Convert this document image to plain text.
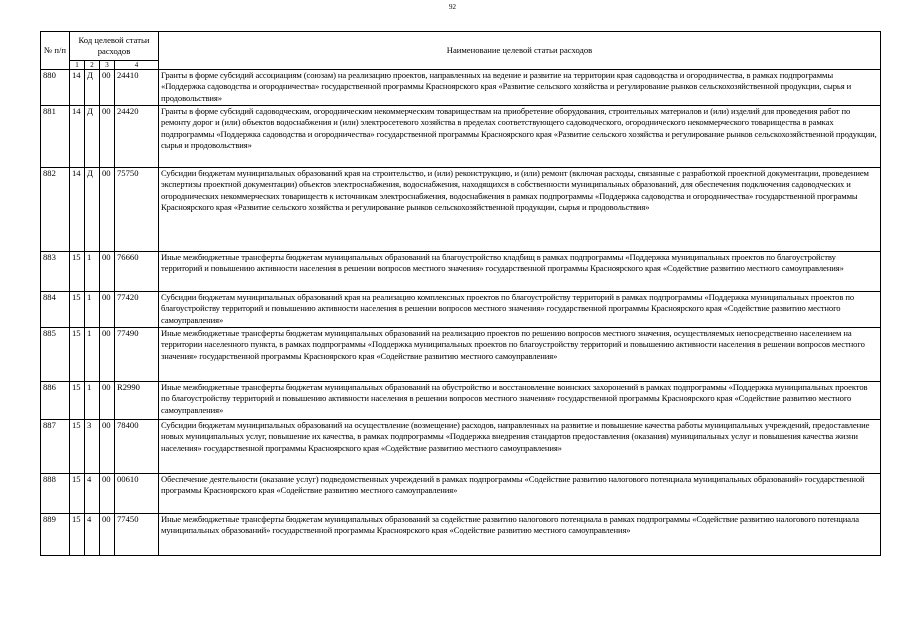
92
№ п/п	Код целевой статьи расходов				Наименование целевой статьи расходов
	1	2	3	4	
880	14	Д	00	24410	Гранты в форме субсидий ассоциациям (союзам) на реализацию проектов, направленных на ведение и развитие на территории края садоводства и огородничества, в рамках подпрограммы «Поддержка садоводства и огородничества» государственной программы Красноярского края «Развитие сельского хозяйства и регулирование рынков сельскохозяйственной продукции, сырья и продовольствия»
881	14	Д	00	24420	Гранты в форме субсидий садоводческим, огородническим некоммерческим товариществам на приобретение оборудования, строительных материалов и (или) изделий для проведения работ по ремонту дорог и (или) объектов водоснабжения и (или) электросетевого хозяйства в пределах соответствующего садоводческого, огороднического некоммерческого товарищества в рамках подпрограммы «Поддержка садоводства и огородничества» государственной программы Красноярского края «Развитие сельского хозяйства и регулирование рынков сельскохозяйственной продукции, сырья и продовольствия»
882	14	Д	00	75750	Субсидии бюджетам муниципальных образований края на строительство, и (или) реконструкцию, и (или) ремонт (включая расходы, связанные с разработкой проектной документации, проведением экспертизы проектной документации) объектов электроснабжения, водоснабжения, находящихся в собственности муниципальных образований, для обеспечения подключения садоводческих и огороднических некоммерческих товариществ к источникам электроснабжения, водоснабжения в рамках подпрограммы «Поддержка садоводства и огородничества» государственной программы Красноярского края «Развитие сельского хозяйства и регулирование рынков сельскохозяйственной продукции, сырья и продовольствия»
883	15	1	00	76660	Иные межбюджетные трансферты бюджетам муниципальных образований на благоустройство кладбищ в рамках подпрограммы «Поддержка муниципальных проектов по благоустройству территорий и повышению активности населения в решении вопросов местного значения» государственной программы Красноярского края «Содействие развитию местного самоуправления»
884	15	1	00	77420	Субсидии бюджетам муниципальных образований края на реализацию комплексных проектов по благоустройству территорий в рамках подпрограммы «Поддержка муниципальных проектов по благоустройству территорий и повышению активности населения в решении вопросов местного значения» государственной программы Красноярского края «Содействие развитию местного самоуправления»
885	15	1	00	77490	Иные межбюджетные трансферты бюджетам муниципальных образований на реализацию проектов по решению вопросов местного значения, осуществляемых непосредственно населением на территории населенного пункта, в рамках подпрограммы «Поддержка муниципальных проектов по благоустройству территорий и повышению активности населения в решении вопросов местного значения» государственной программы Красноярского края «Содействие развитию местного самоуправления»
886	15	1	00	R2990	Иные межбюджетные трансферты бюджетам муниципальных образований на обустройство и восстановление воинских захоронений в рамках подпрограммы «Поддержка муниципальных проектов по благоустройству территорий и повышению активности населения в решении вопросов местного значения» государственной программы Красноярского края «Содействие развитию местного самоуправления»
887	15	3	00	78400	Субсидии бюджетам муниципальных образований на осуществление (возмещение) расходов, направленных на развитие и повышение качества работы муниципальных учреждений, предоставление новых муниципальных услуг, повышение их качества, в рамках подпрограммы «Поддержка внедрения стандартов предоставления (оказания) муниципальных услуг и повышения качества жизни населения» государственной программы Красноярского края «Содействие развитию местного самоуправления»
888	15	4	00	00610	Обеспечение деятельности (оказание услуг) подведомственных учреждений в рамках подпрограммы «Содействие развитию налогового потенциала муниципальных образований» государственной программы Красноярского края «Содействие развитию местного самоуправления»
889	15	4	00	77450	Иные межбюджетные трансферты бюджетам муниципальных образований за содействие развитию налогового потенциала в рамках подпрограммы «Содействие развитию налогового потенциала муниципальных образований» государственной программы Красноярского края «Содействие развитию местного самоуправления»
